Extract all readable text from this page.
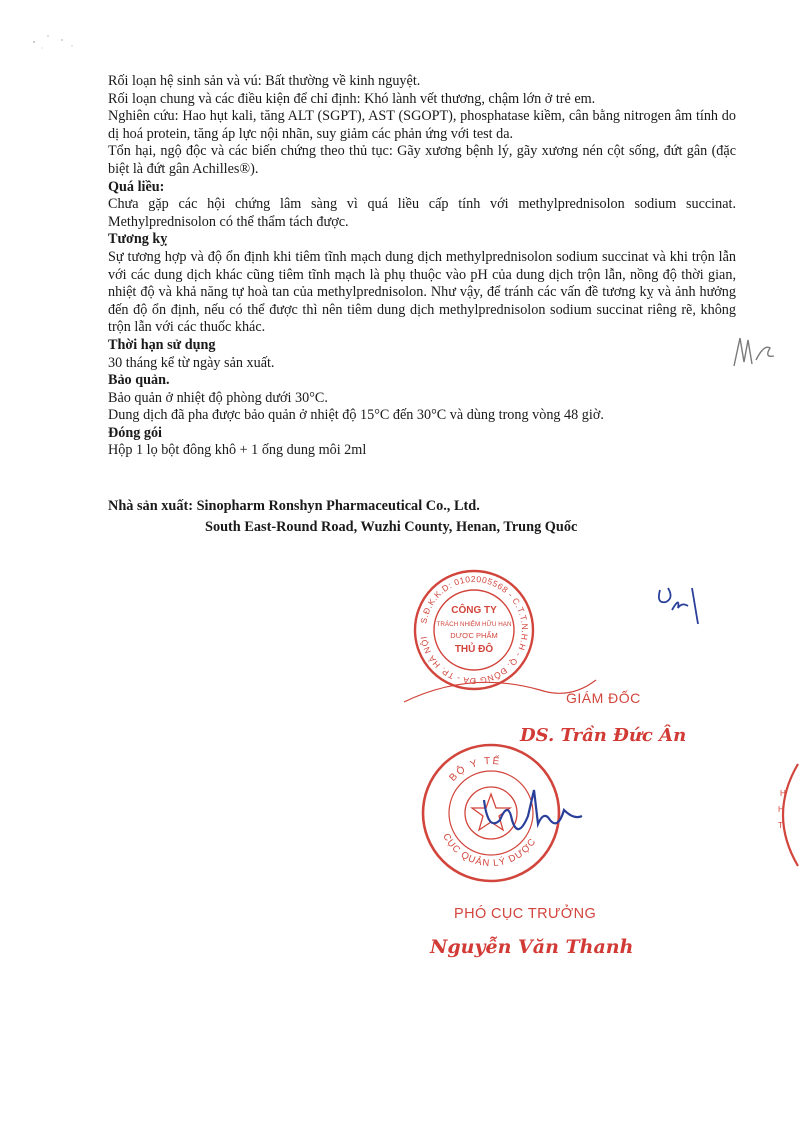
Rối loạn hệ sinh sản và vú: Bất thường về kinh nguyệt.

Rối loạn chung và các điều kiện để chỉ định: Khó lành vết thương, chậm lớn ở trẻ em.

Nghiên cứu: Hao hụt kali, tăng ALT (SGPT), AST (SGOPT), phosphatase kiềm, cân bằng nitrogen âm tính do dị hoá protein, tăng áp lực nội nhãn, suy giảm các phản ứng với test da.

Tổn hại, ngộ độc và các biến chứng theo thủ tục: Gãy xương bệnh lý, gãy xương nén cột sống, đứt gân (đặc biệt là đứt gân Achilles®).

Quá liều:

Chưa gặp các hội chứng lâm sàng vì quá liều cấp tính với methylprednisolon sodium succinat. Methylprednisolon có thể thẩm tách được.

Tương kỵ

Sự tương hợp và độ ổn định khi tiêm tĩnh mạch dung dịch methylprednisolon sodium succinat và khi trộn lẫn với các dung dịch khác cũng tiêm tĩnh mạch là phụ thuộc vào pH của dung dịch trộn lẫn, nồng độ thời gian, nhiệt độ và khả năng tự hoà tan của methylprednisolon. Như vậy, để tránh các vấn đề tương kỵ và ảnh hưởng đến độ ổn định, nếu có thể được thì nên tiêm dung dịch methylprednisolon sodium succinat riêng rẽ, không trộn lẫn với các thuốc khác.

Thời hạn sử dụng

30 tháng kể từ ngày sản xuất.

Bảo quản.

Bảo quản ở nhiệt độ phòng dưới 30°C.

Dung dịch đã pha được bảo quản ở nhiệt độ 15°C đến 30°C và dùng trong vòng 48 giờ.

Đóng gói

Hộp 1 lọ bột đông khô + 1 ống dung môi 2ml

Nhà sản xuất: Sinopharm Ronshyn Pharmaceutical Co., Ltd.
South East-Round Road, Wuzhi County, Henan, Trung Quốc
S.Đ.K.K.D: 0102005568 - C.T.T.N.H.H - Q. ĐỐNG ĐA - TP. HÀ NỘI
CÔNG TY
TRÁCH NHIỆM HỮU HẠN
DƯỢC PHẨM
THỦ ĐÔ
GIÁM ĐỐC
DS. Trần Đức Ân
BỘ Y TẾ
CỤC QUẢN LÝ DƯỢC
H
H
T
PHÓ CỤC TRƯỞNG
Nguyễn Văn Thanh
